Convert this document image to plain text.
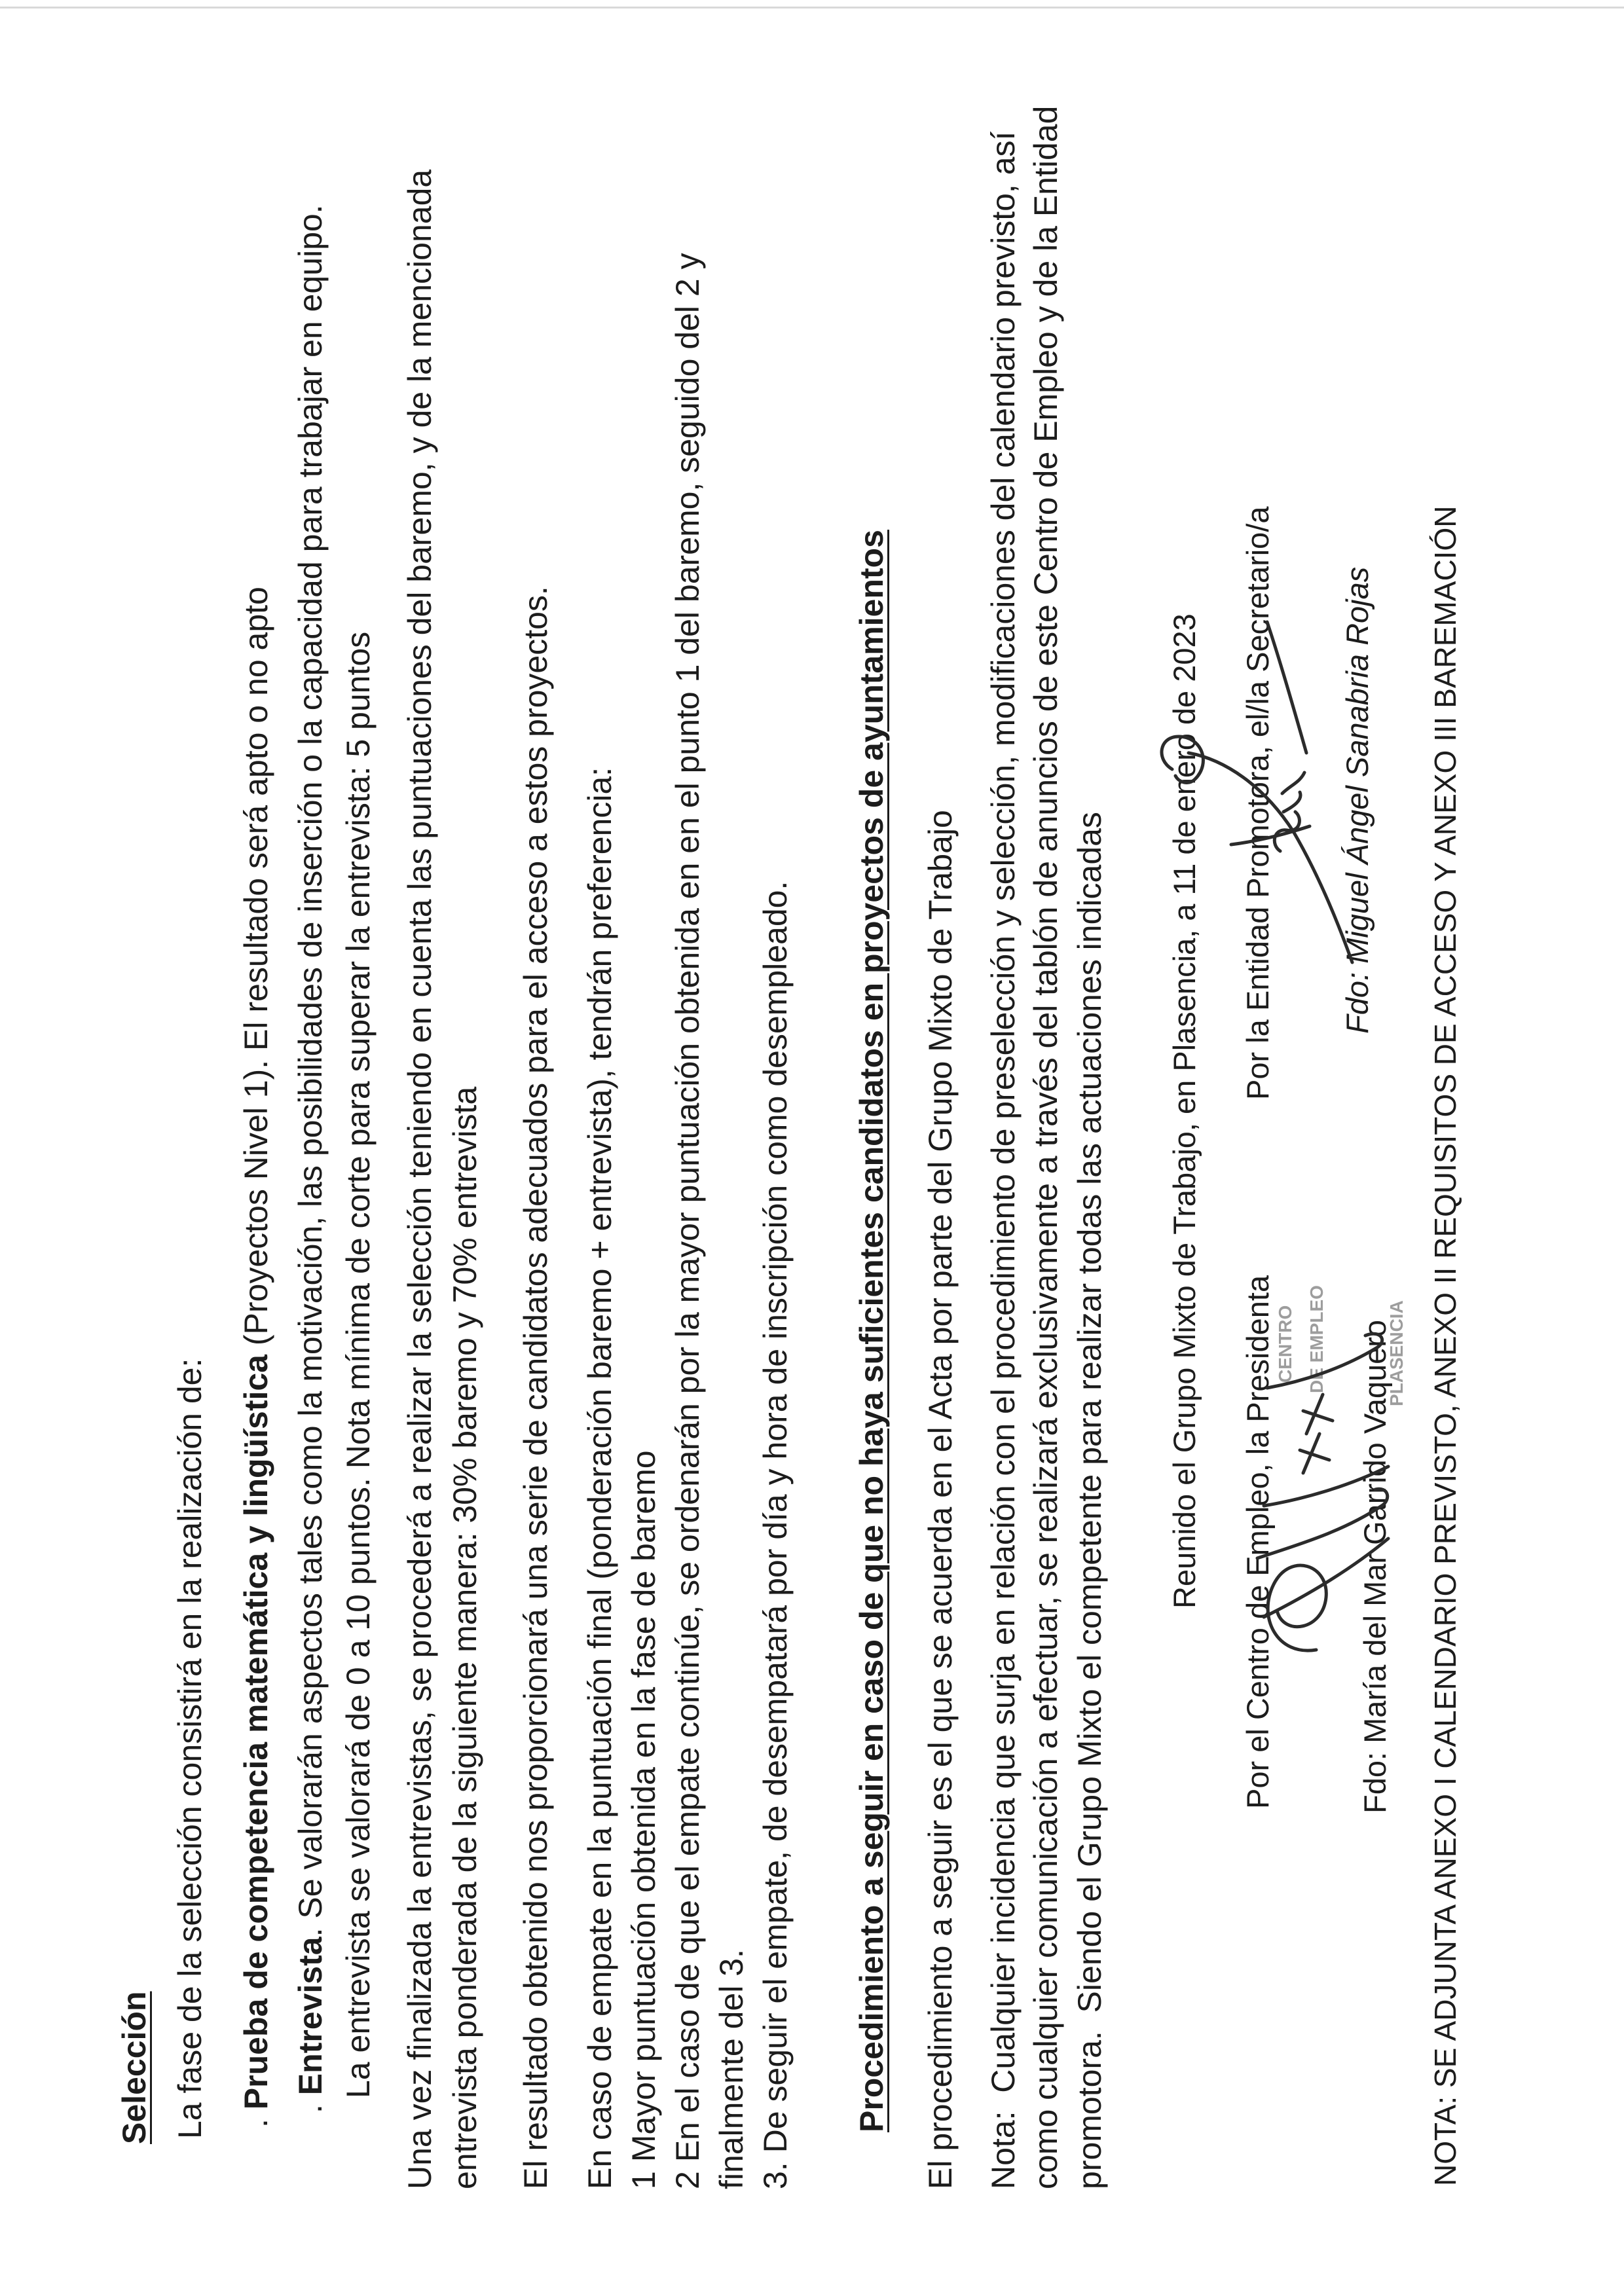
Selección La fase de la selección consistirá en la realización de: . Prueba de competencia matemática y lingüística (Proyectos Nivel 1). El resultado será apto o no apto
. Entrevista. Se valorarán aspectos tales como la motivación, las posibilidades de inserción o la capacidad para trabajar en equipo. La entrevista se valorará de 0 a 10 puntos. Nota mínima de corte para superar la entrevista: 5 puntos Una vez finalizada la entrevistas, se procederá a realizar la selección teniendo en cuenta las puntuaciones del baremo, y de la mencionada entrevista ponderada de la siguiente manera: 30% baremo y 70% entrevista El resultado obtenido nos proporcionará una serie de candidatos adecuados para el acceso a estos proyectos. En caso de empate en la puntuación final (ponderación baremo + entrevista), tendrán preferencia: 1 Mayor puntuación obtenida en la fase de baremo 2 En el caso de que el empate continúe, se ordenarán por la mayor puntuación obtenida en en el punto 1 del baremo, seguido del 2 y finalmente del 3. 3. De seguir el empate, de desempatará por día y hora de inscripción como desempleado. Procedimiento a seguir en caso de que no haya suficientes candidatos en proyectos de ayuntamientos El procedimiento a seguir es el que se acuerda en el Acta por parte del Grupo Mixto de Trabajo Nota:  Cualquier incidencia que surja en relación con el procedimiento de preselección y selección, modificaciones del calendario previsto, así como cualquier comunicación a efectuar, se realizará exclusivamente a través del tablón de anuncios de este Centro de Empleo y de la Entidad promotora.  Siendo el Grupo Mixto el competente para realizar todas las actuaciones indicadas Reunido el Grupo Mixto de Trabajo, en Plasencia, a 11 de enero de 2023 Por el Centro de Empleo, la Presidenta
Por la Entidad Promotora, el/la Secretario/a
Fdo: María del Mar Garrido Vaquero
Fdo: Miguel Ángel Sanabria Rojas NOTA: SE ADJUNTA ANEXO I CALENDARIO PREVISTO, ANEXO II REQUISITOS DE ACCESO Y ANEXO III BAREMACIÓN
CENTRO DE EMPLEO	PLASENCIA
